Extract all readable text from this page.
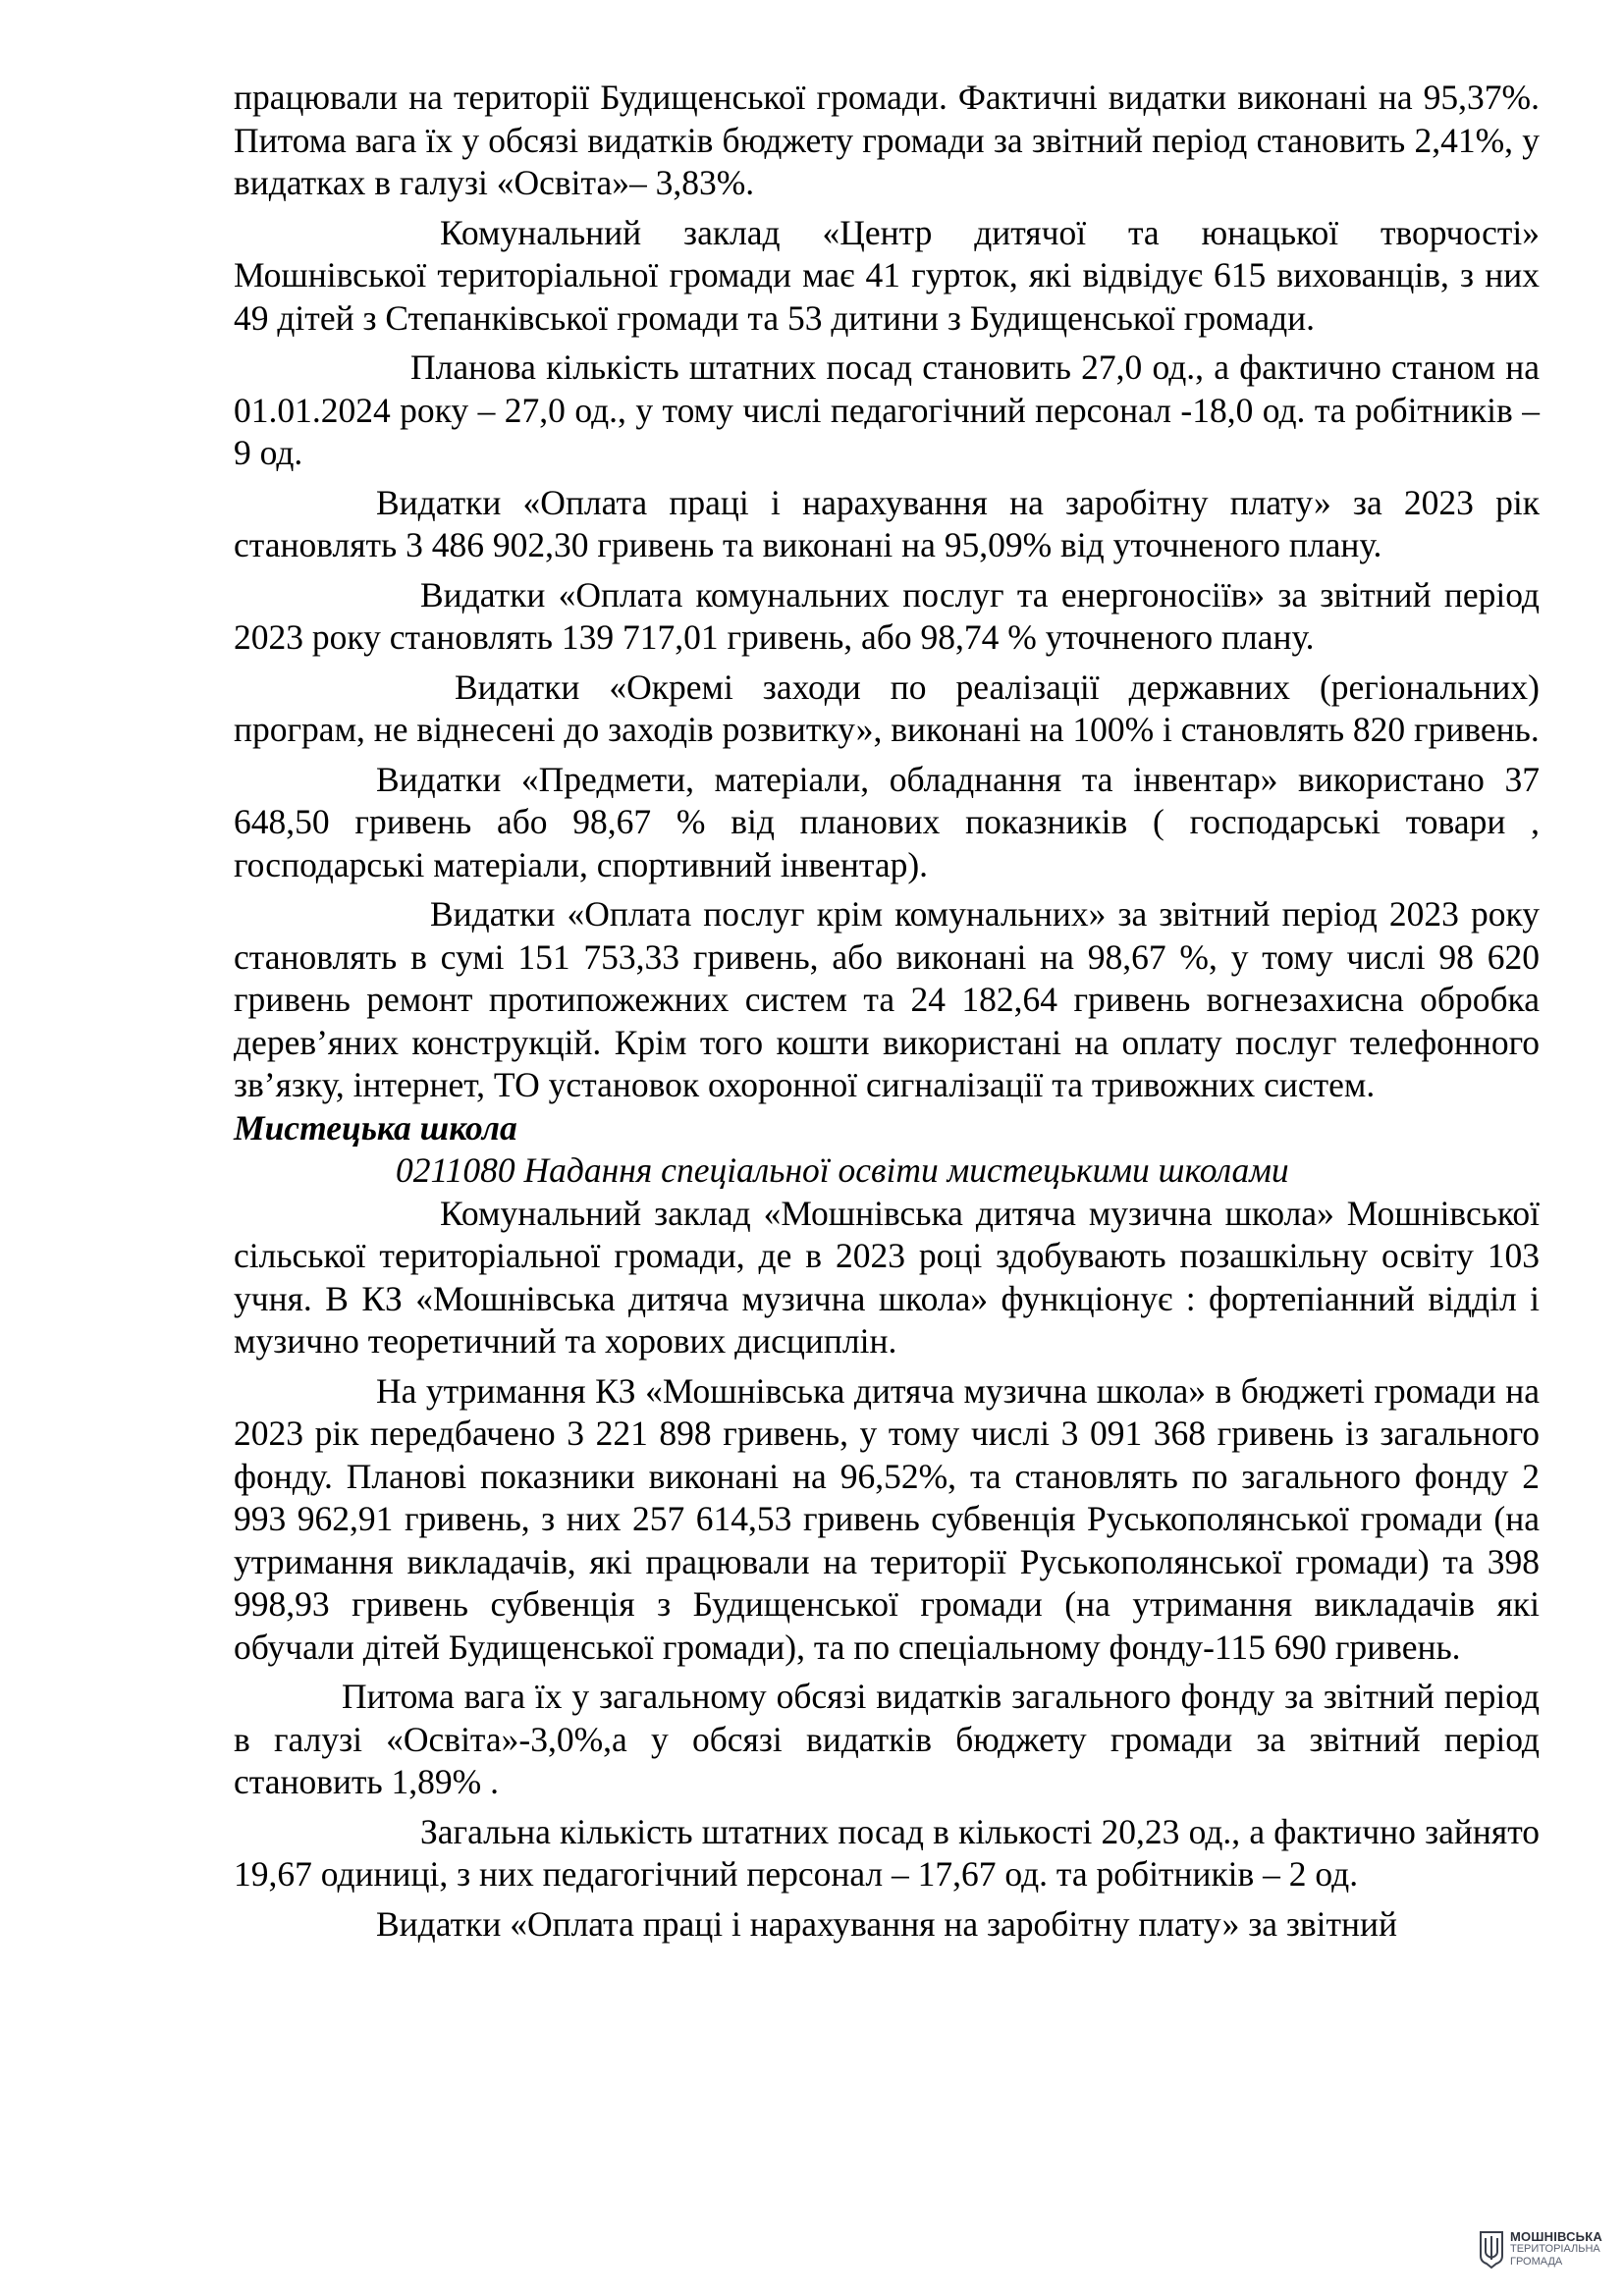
працювали на території Будищенської громади. Фактичні видатки виконані на 95,37%. Питома вага їх у обсязі видатків бюджету громади за звітний період становить 2,41%, у видатках в галузі «Освіта»– 3,83%.

Комунальний заклад «Центр дитячої та юнацької творчості» Мошнівської територіальної громади має 41 гурток, які відвідує 615 вихованців, з них 49 дітей з Степанківської громади та 53 дитини з Будищенської громади.

Планова кількість штатних посад становить 27,0 од., а фактично станом на 01.01.2024 року – 27,0 од., у тому числі педагогічний персонал -18,0 од. та робітників – 9 од.

Видатки «Оплата праці і нарахування на заробітну плату» за 2023 рік становлять 3 486 902,30 гривень та виконані на 95,09% від уточненого плану.

Видатки «Оплата комунальних послуг та енергоносіїв» за звітний період 2023 року становлять 139 717,01 гривень, або 98,74 % уточненого плану.

Видатки «Окремі заходи по реалізації державних (регіональних) програм, не віднесені до заходів розвитку», виконані на 100% і становлять 820 гривень.

Видатки «Предмети, матеріали, обладнання та інвентар» використано 37 648,50 гривень або 98,67 % від планових показників ( господарські товари , господарські матеріали, спортивний інвентар).

Видатки «Оплата послуг крім комунальних» за звітний період 2023 року становлять в сумі 151 753,33 гривень, або виконані на 98,67 %, у тому числі 98 620 гривень ремонт протипожежних систем та 24 182,64 гривень вогнезахисна обробка дерев’яних конструкцій. Крім того кошти використані на оплату послуг телефонного зв’язку, інтернет, ТО установок охоронної сигналізації та тривожних систем.

Мистецька школа

0211080 Надання спеціальної освіти мистецькими школами

Комунальний заклад «Мошнівська дитяча музична школа» Мошнівської сільської територіальної громади, де в 2023 році здобувають позашкільну освіту 103 учня. В КЗ «Мошнівська дитяча музична школа» функціонує : фортепіанний відділ і музично теоретичний та хорових дисциплін.

На утримання КЗ «Мошнівська дитяча музична школа» в бюджеті громади на 2023 рік передбачено 3 221 898 гривень, у тому числі 3 091 368 гривень із загального фонду. Планові показники виконані на 96,52%, та становлять по загального фонду 2 993 962,91 гривень, з них 257 614,53 гривень субвенція Руськополянської громади (на утримання викладачів, які працювали на території Руськополянської громади) та 398 998,93 гривень субвенція з Будищенської громади (на утримання викладачів які обучали дітей Будищенської громади), та по спеціальному фонду-115 690 гривень.

Питома вага їх у загальному обсязі видатків загального фонду за звітний період в галузі «Освіта»-3,0%,а у обсязі видатків бюджету громади за звітний період становить 1,89% .

Загальна кількість штатних посад в кількості 20,23 од., а фактично зайнято 19,67 одиниці, з них педагогічний персонал – 17,67 од. та робітників – 2 од.

Видатки «Оплата праці і нарахування на заробітну плату» за звітний

МОШНІВСЬКА
ТЕРИТОРІАЛЬНА
ГРОМАДА
